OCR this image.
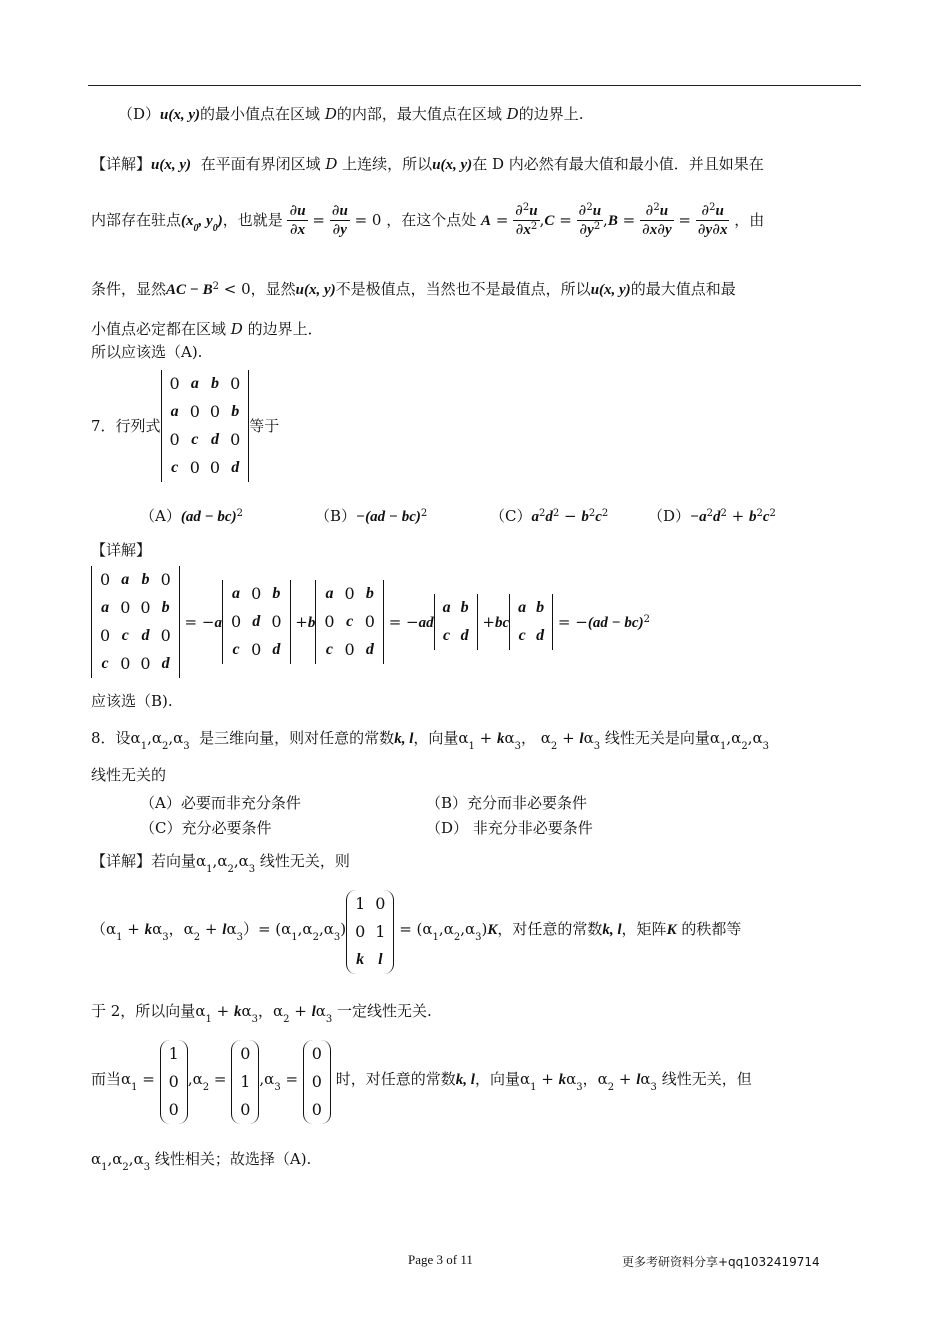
（D）u(x, y)的最小值点在区域 D的内部，最大值点在区域 D的边界上.
【详解】u(x, y) 在平面有界闭区域 D 上连续，所以u(x, y)在 D 内必然有最大值和最小值．并且如果在
内部存在驻点($x_0$, $y_0$)，也就是 $\frac{\partial u}{\partial x} = \frac{\partial u}{\partial y} = 0$ ，在这个点处 $A = \frac{\partial^2u}{\partial x^2} ,C = \frac{\partial^2u}{\partial y^2} ,B = \frac{\partial^2u}{\partial x\partial y} = \frac{\partial^2u}{\partial y\partial x}$ ，由
条件，显然AC − $B^2 < 0$，显然u(x, y)不是极值点，当然也不是最值点，所以u(x, y)的最大值点和最
小值点必定都在区域 D 的边界上．
所以应该选（A).
7．行列式
0	a	b	0
a	0	0	b
0	c	d	0
c	0	0	d
等于
（A）(ad − bc)$^2$	（B）−(ad − bc)$^2$	$(C)a^2d^2 - b^2c^2$	$(D)-a^2d^2 + b^2c^2$
【详解】
0	a	b	0
a	0	0	b
0	c	d	0
c	0	0	d
= −a
a	0	b
0	d	0
c	0	d
+b
a	0	b
0	c	0
c	0	d
= −ad
a	b
c	d
+bc
a	b
c	d
= −(ad − bc)$^2$
应该选（B).
8．设$\alpha_1,\alpha_2,\alpha_3$ 是三维向量，则对任意的常数k, l，向量$\alpha_1 + k\alpha_3$， $\alpha_2 + l\alpha_3$ 线性无关是向量$\alpha_1,\alpha_2,\alpha_3$
线性无关的
（A）必要而非充分条件	（B）充分而非必要条件
（C）充分必要条件	（D） 非充分非必要条件
【详解】若向量$\alpha_1,\alpha_2,\alpha_3$ 线性无关，则
（$\alpha_1 + k\alpha_3$，$\alpha_2 + l\alpha_3)= (\alpha_1,\alpha_2,\alpha_3)$
1	0
0	1
k	l
= $(\alpha_1,\alpha_2,\alpha_3)K$，对任意的常数k, l，矩阵K 的秩都等
于 2，所以向量$\alpha_1 + k\alpha_3$，$\alpha_2 + l\alpha_3$ 一定线性无关.
而当$\alpha_1$ =
1
0
0
$,\alpha_2$ =
0
1
0
$,\alpha_3$ =
0
0
0
时，对任意的常数k, l，向量$\alpha_1 + k\alpha_3$，$\alpha_2 + l\alpha_3$ 线性无关，但
$\alpha_1,\alpha_2,\alpha_3$ 线性相关；故选择（A).
Page 3 of 11	更多考研资料分享+qq1032419714
